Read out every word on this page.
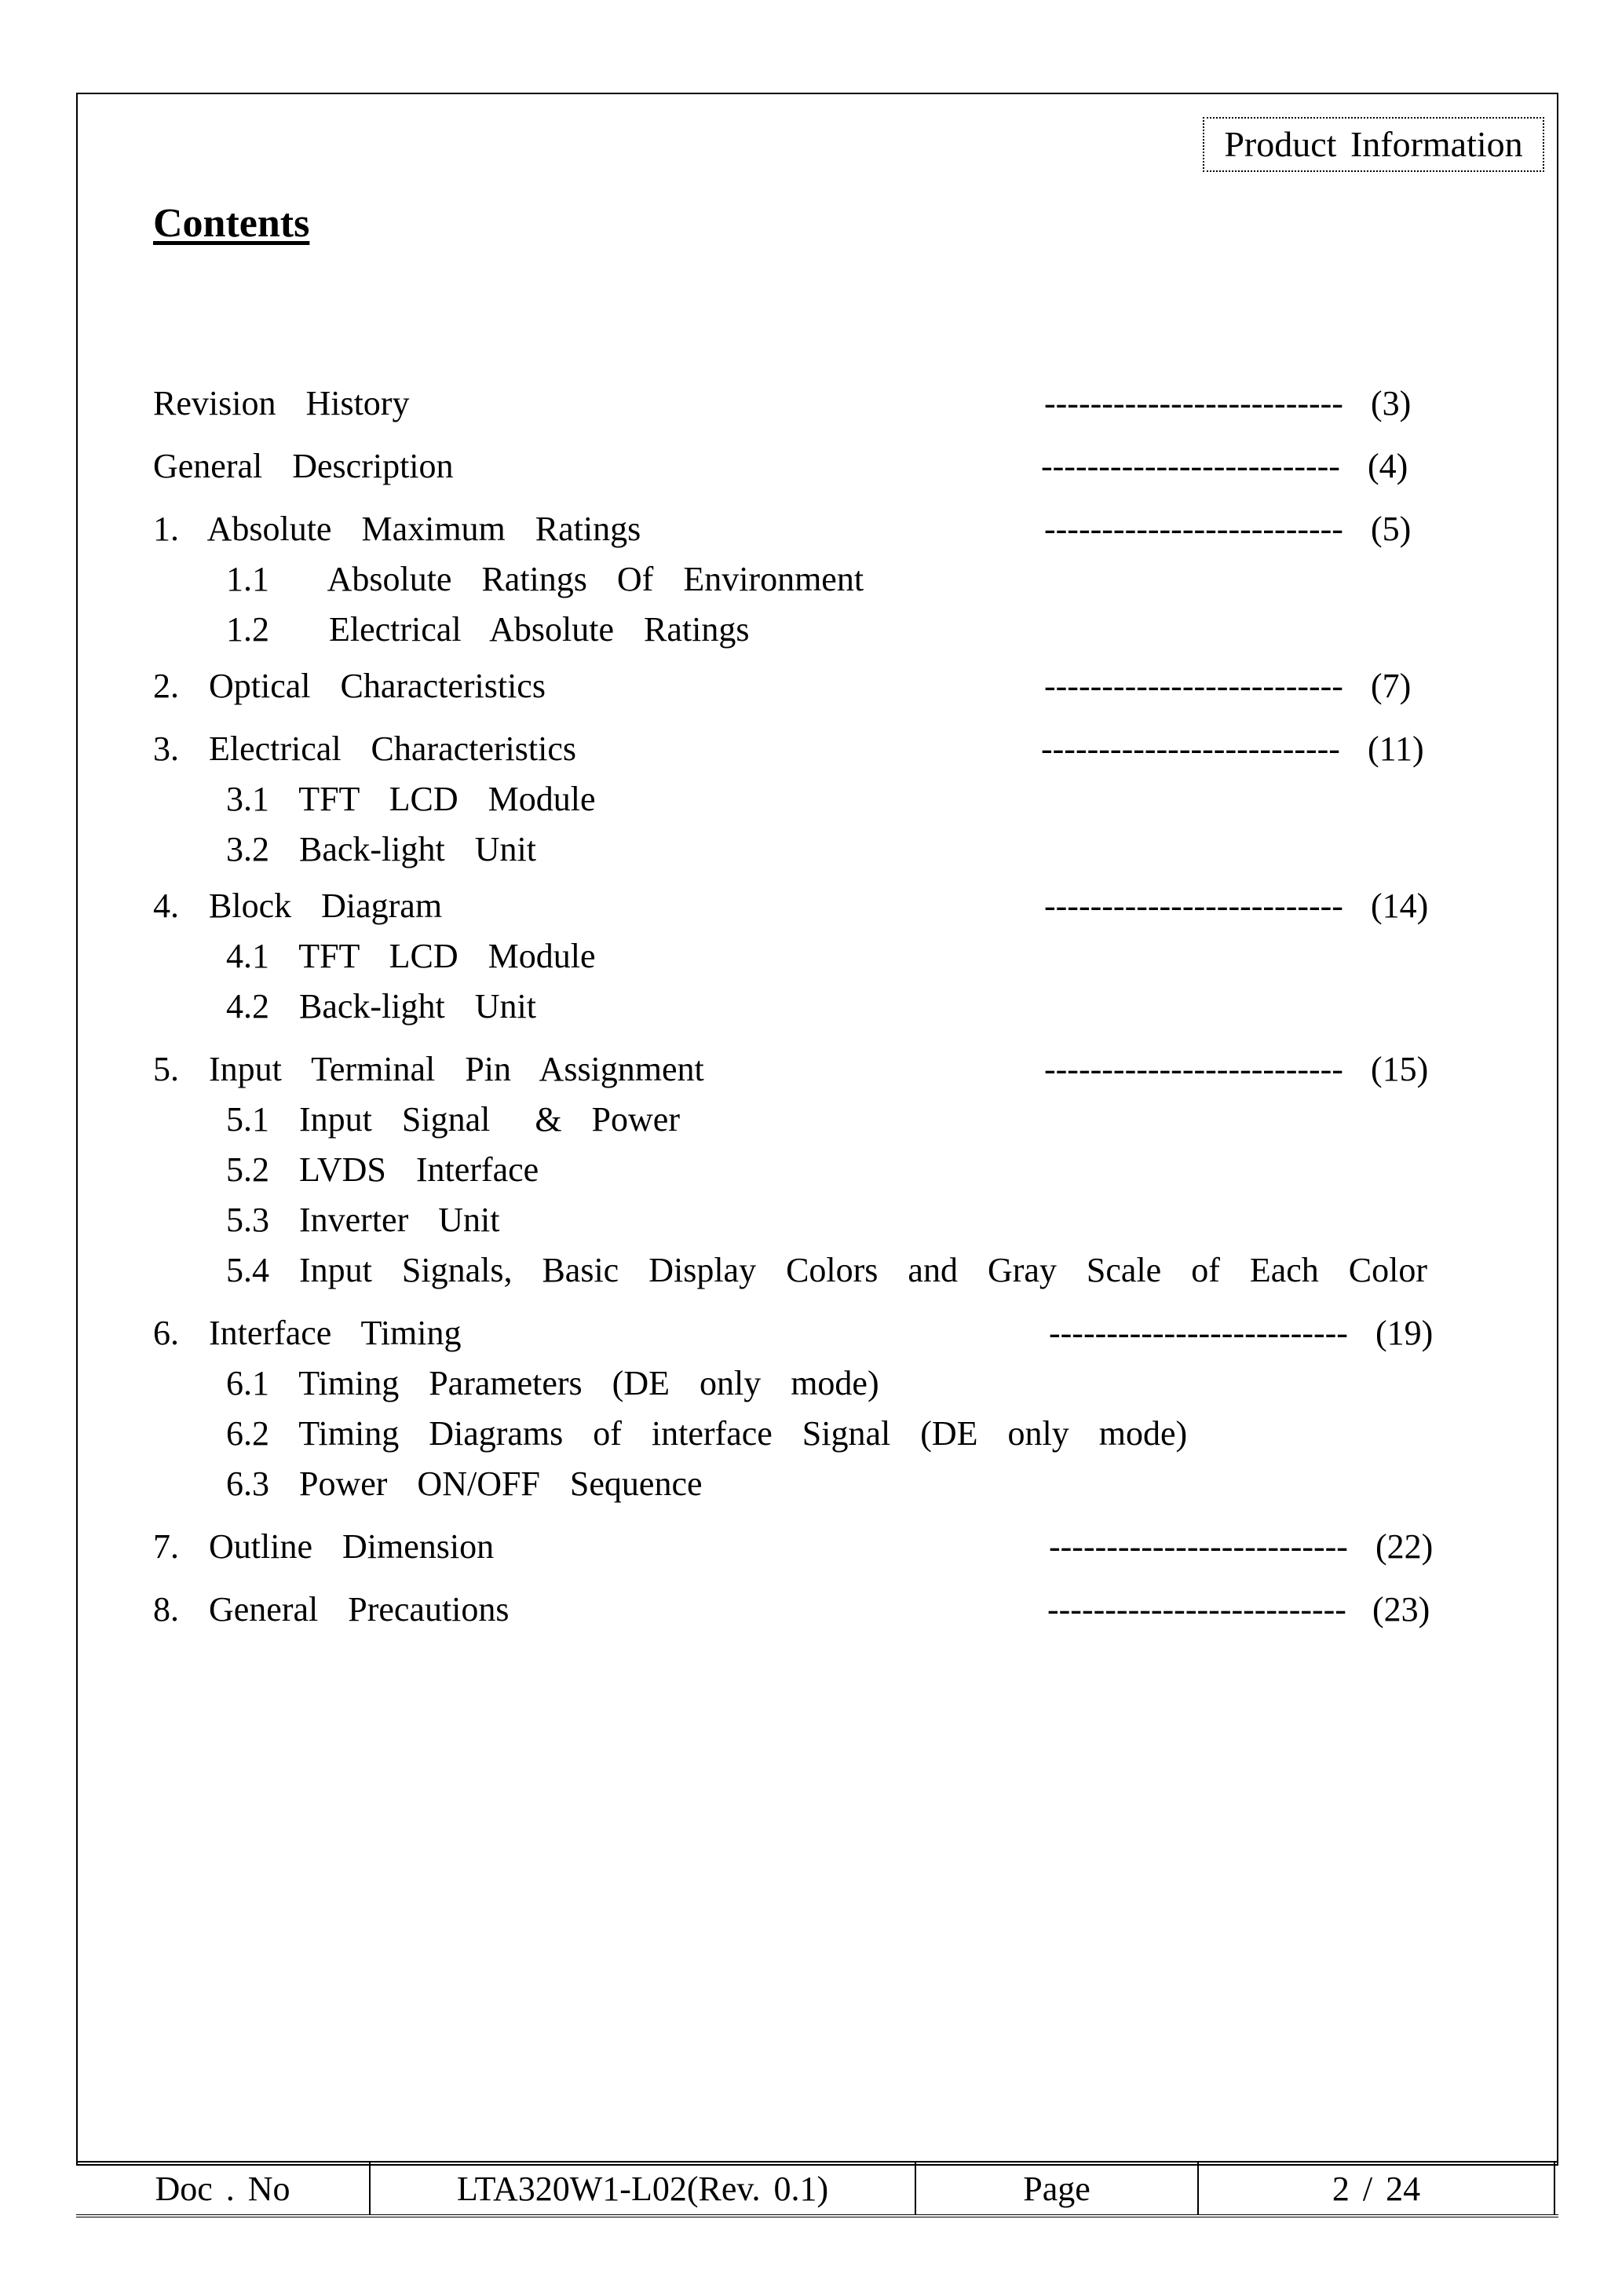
Product Information
Contents
Revision  History	-------------------------- (3)
General  Description	-------------------------- (4)
1.  Absolute  Maximum  Ratings	-------------------------- (5)
1.1    Absolute  Ratings  Of  Environment
1.2    Electrical  Absolute  Ratings
2.  Optical  Characteristics	-------------------------- (7)
3.  Electrical  Characteristics	-------------------------- (11)
3.1  TFT  LCD  Module
3.2  Back-light  Unit
4.  Block  Diagram	-------------------------- (14)
4.1  TFT  LCD  Module
4.2  Back-light  Unit
5.  Input  Terminal  Pin  Assignment	-------------------------- (15)
5.1  Input  Signal   &  Power
5.2  LVDS  Interface
5.3  Inverter  Unit
5.4  Input  Signals,  Basic  Display  Colors  and  Gray  Scale  of  Each  Color
6.  Interface  Timing	-------------------------- (19)
6.1  Timing  Parameters  (DE  only  mode)
6.2  Timing  Diagrams  of  interface  Signal  (DE  only  mode)
6.3  Power  ON/OFF  Sequence
7.  Outline  Dimension	-------------------------- (22)
8.  General  Precautions	-------------------------- (23)
Doc . No	LTA320W1-L02(Rev. 0.1)	Page	2 / 24
